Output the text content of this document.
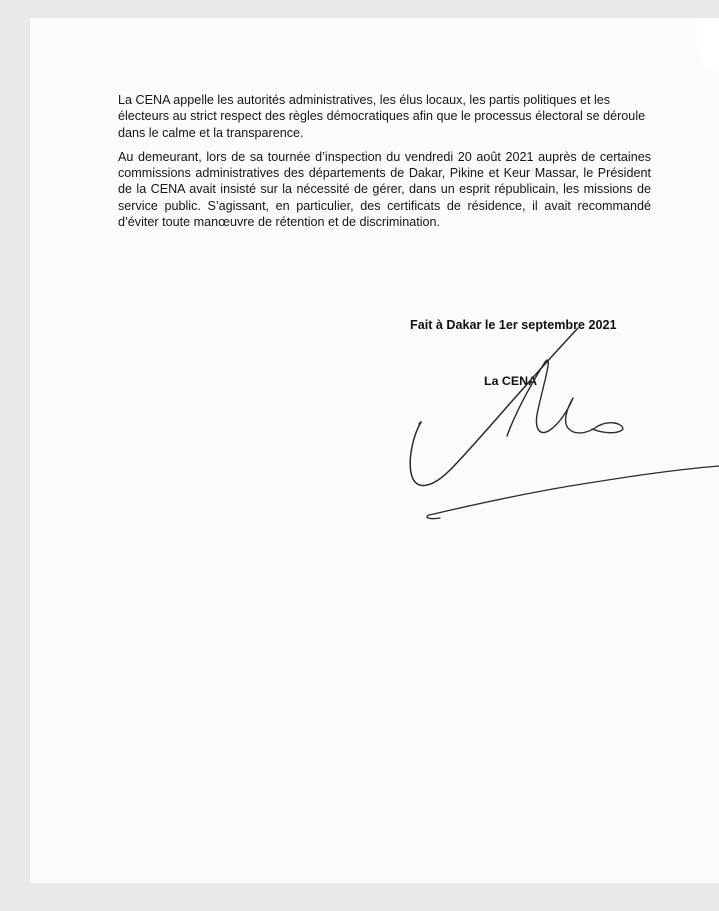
La CENA appelle les autorités administratives, les élus locaux, les partis politiques et les électeurs au strict respect des règles démocratiques afin que le processus électoral se déroule dans le calme et la transparence.

Au demeurant, lors de sa tournée d’inspection du vendredi 20 août 2021 auprès de certaines commissions administratives des départements de Dakar, Pikine et Keur Massar, le Président de la CENA avait insisté sur la nécessité de gérer, dans un esprit républicain, les missions de service public. S’agissant, en particulier, des certificats de résidence, il avait recommandé d’éviter toute manœuvre de rétention et de discrimination.

Fait à Dakar le 1er septembre 2021
La CENA
